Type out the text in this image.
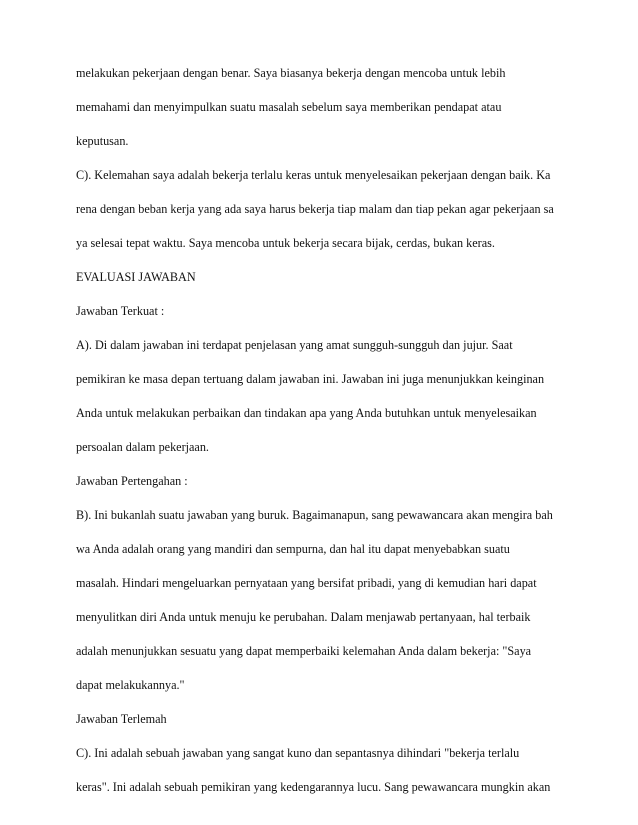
melakukan pekerjaan dengan benar. Saya biasanya bekerja dengan mencoba untuk lebih
memahami dan menyimpulkan suatu masalah sebelum saya memberikan pendapat atau
keputusan.
C). Kelemahan saya adalah bekerja terlalu keras untuk menyelesaikan pekerjaan dengan baik. Ka
rena dengan beban kerja yang ada saya harus bekerja tiap malam dan tiap pekan agar pekerjaan sa
ya selesai tepat waktu. Saya mencoba untuk bekerja secara bijak, cerdas, bukan keras.
EVALUASI JAWABAN
Jawaban Terkuat :
A). Di dalam jawaban ini terdapat penjelasan yang amat sungguh-sungguh dan jujur. Saat
pemikiran ke masa depan tertuang dalam jawaban ini. Jawaban ini juga menunjukkan keinginan
Anda untuk melakukan perbaikan dan tindakan apa yang Anda butuhkan untuk menyelesaikan
persoalan dalam pekerjaan.
Jawaban Pertengahan :
B). Ini bukanlah suatu jawaban yang buruk. Bagaimanapun, sang pewawancara akan mengira bah
wa Anda adalah orang yang mandiri dan sempurna, dan hal itu dapat menyebabkan suatu
masalah. Hindari mengeluarkan pernyataan yang bersifat pribadi, yang di kemudian hari dapat
menyulitkan diri Anda untuk menuju ke perubahan. Dalam menjawab pertanyaan, hal terbaik
adalah menunjukkan sesuatu yang dapat memperbaiki kelemahan Anda dalam bekerja: "Saya
dapat melakukannya."
Jawaban Terlemah
C). Ini adalah sebuah jawaban yang sangat kuno dan sepantasnya dihindari "bekerja terlalu
keras". Ini adalah sebuah pemikiran yang kedengarannya lucu. Sang pewawancara mungkin akan
